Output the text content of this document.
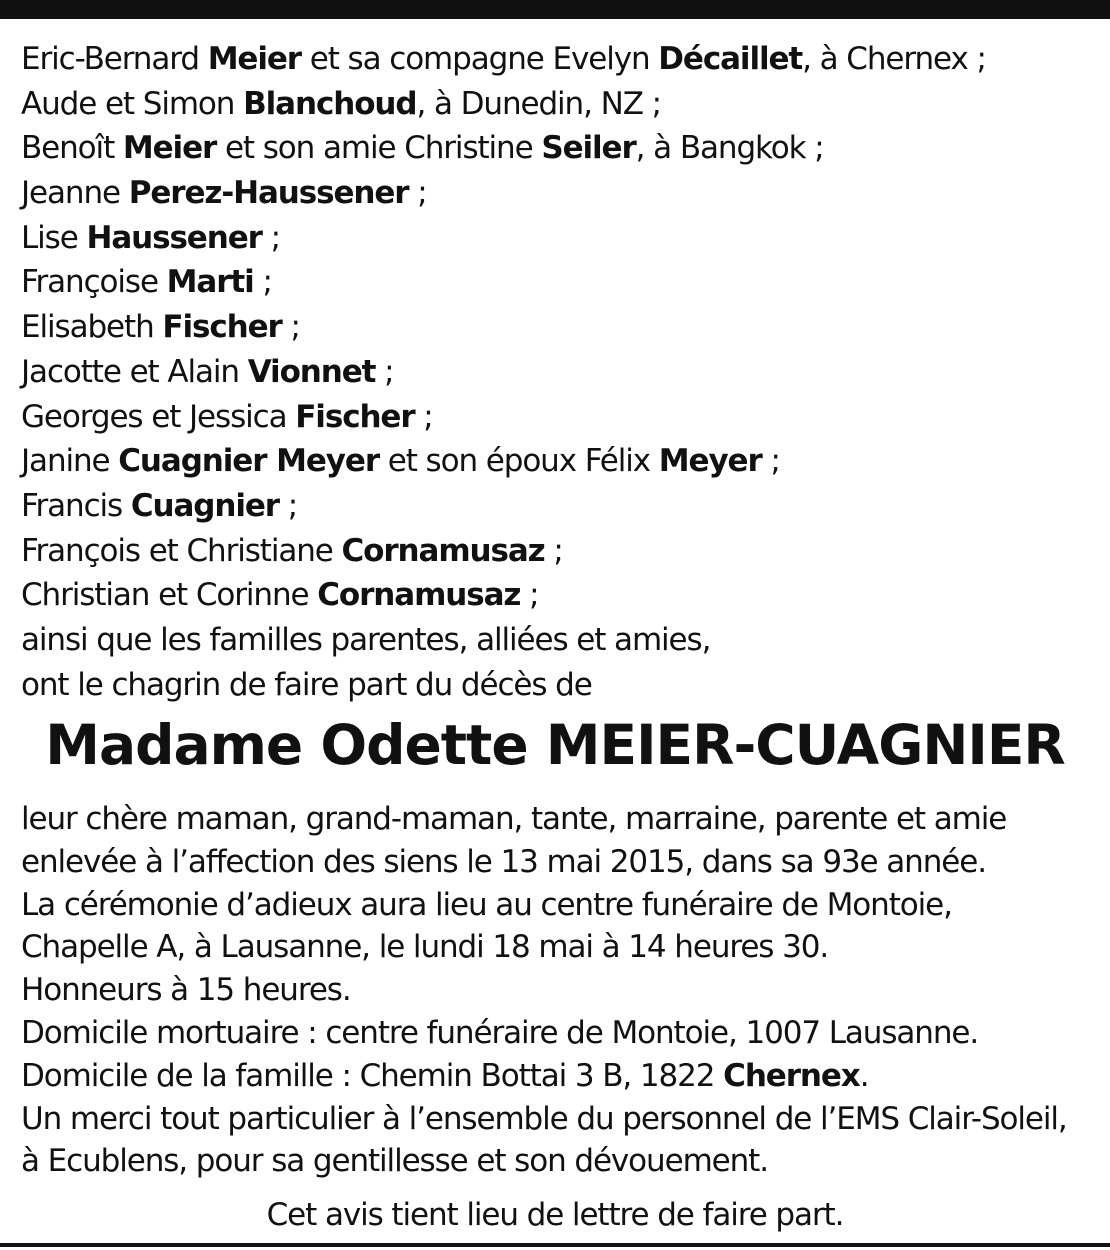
Eric-Bernard Meier et sa compagne Evelyn Décaillet, à Chernex ;
Aude et Simon Blanchoud, à Dunedin, NZ ;
Benoît Meier et son amie Christine Seiler, à Bangkok ;
Jeanne Perez-Haussener ;
Lise Haussener ;
Françoise Marti ;
Elisabeth Fischer ;
Jacotte et Alain Vionnet ;
Georges et Jessica Fischer ;
Janine Cuagnier Meyer et son époux Félix Meyer ;
Francis Cuagnier ;
François et Christiane Cornamusaz ;
Christian et Corinne Cornamusaz ;
ainsi que les familles parentes, alliées et amies,
ont le chagrin de faire part du décès de
Madame Odette MEIER-CUAGNIER
leur chère maman, grand-maman, tante, marraine, parente et amie
enlevée à l’affection des siens le 13 mai 2015, dans sa 93e année.
La cérémonie d’adieux aura lieu au centre funéraire de Montoie,
Chapelle A, à Lausanne, le lundi 18 mai à 14 heures 30.
Honneurs à 15 heures.
Domicile mortuaire : centre funéraire de Montoie, 1007 Lausanne.
Domicile de la famille : Chemin Bottai 3 B, 1822 Chernex.
Un merci tout particulier à l’ensemble du personnel de l’EMS Clair-Soleil,
à Ecublens, pour sa gentillesse et son dévouement.
Cet avis tient lieu de lettre de faire part.
